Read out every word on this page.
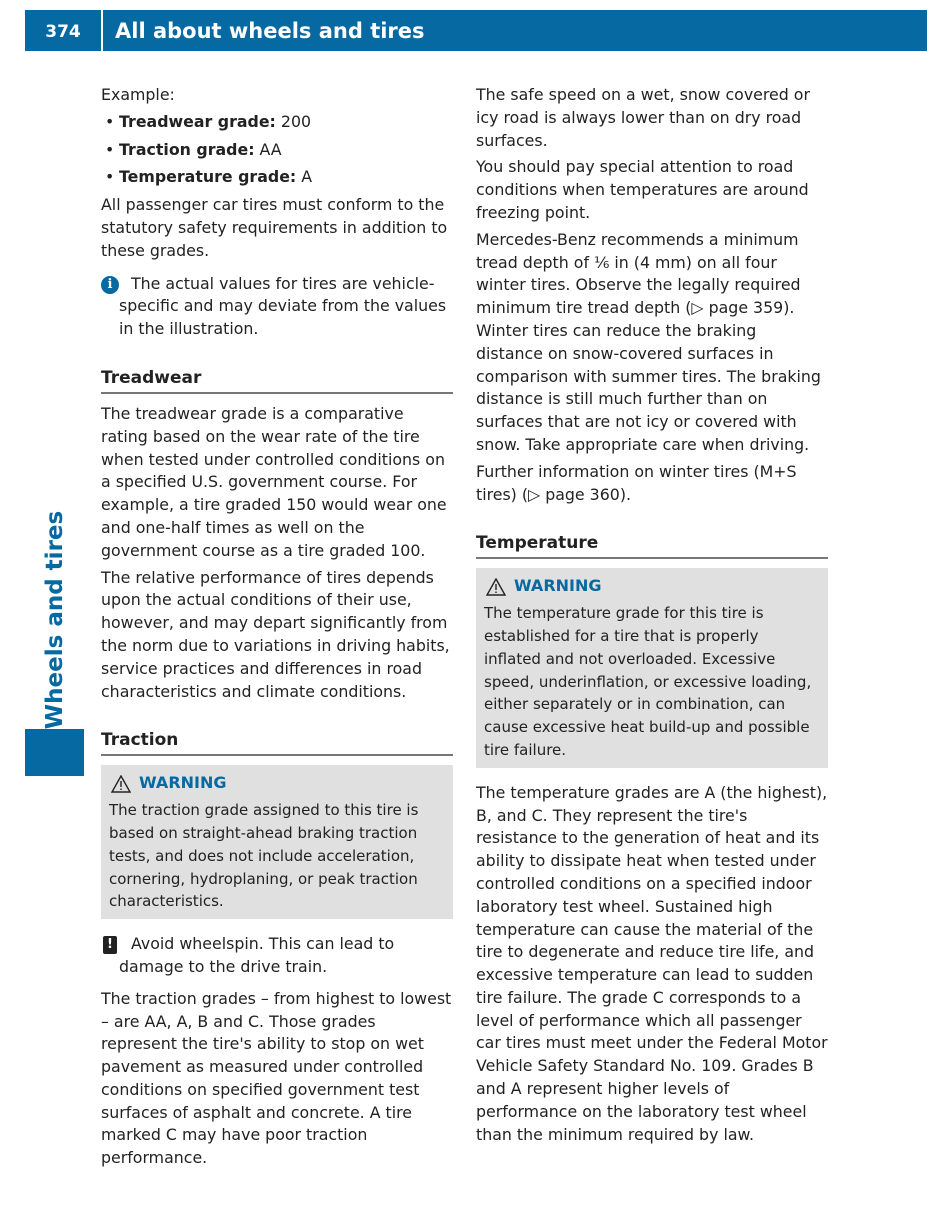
374	All about wheels and tires
Wheels and tires

Example:

• Treadwear grade: 200
• Traction grade: AA
• Temperature grade: A

All passenger car tires must conform to the statutory safety requirements in addition to these grades.

i	The actual values for tires are vehicle-specific and may deviate from the values in the illustration.
Treadwear

The treadwear grade is a comparative rating based on the wear rate of the tire when tested under controlled conditions on a specified U.S. government course. For example, a tire graded 150 would wear one and one-half times as well on the government course as a tire graded 100.

The relative performance of tires depends upon the actual conditions of their use, however, and may depart significantly from the norm due to variations in driving habits, service practices and differences in road characteristics and climate conditions.

Traction
WARNING
The traction grade assigned to this tire is based on straight-ahead braking traction tests, and does not include acceleration, cornering, hydroplaning, or peak traction characteristics.
! Avoid wheelspin. This can lead to damage to the drive train.

The traction grades – from highest to lowest – are AA, A, B and C. Those grades represent the tire's ability to stop on wet pavement as measured under controlled conditions on specified government test surfaces of asphalt and concrete. A tire marked C may have poor traction performance.

The safe speed on a wet, snow covered or icy road is always lower than on dry road surfaces.

You should pay special attention to road conditions when temperatures are around freezing point.

Mercedes-Benz recommends a minimum tread depth of ⅙ in (4 mm) on all four winter tires. Observe the legally required minimum tire tread depth (▷ page 359). Winter tires can reduce the braking distance on snow-covered surfaces in comparison with summer tires. The braking distance is still much further than on surfaces that are not icy or covered with snow. Take appropriate care when driving.

Further information on winter tires (M+S tires) (▷ page 360).

Temperature
WARNING
The temperature grade for this tire is established for a tire that is properly inflated and not overloaded. Excessive speed, underinflation, or excessive loading, either separately or in combination, can cause excessive heat build-up and possible tire failure.

The temperature grades are A (the highest), B, and C. They represent the tire's resistance to the generation of heat and its ability to dissipate heat when tested under controlled conditions on a specified indoor laboratory test wheel. Sustained high temperature can cause the material of the tire to degenerate and reduce tire life, and excessive temperature can lead to sudden tire failure. The grade C corresponds to a level of performance which all passenger car tires must meet under the Federal Motor Vehicle Safety Standard No. 109. Grades B and A represent higher levels of performance on the laboratory test wheel than the minimum required by law.
